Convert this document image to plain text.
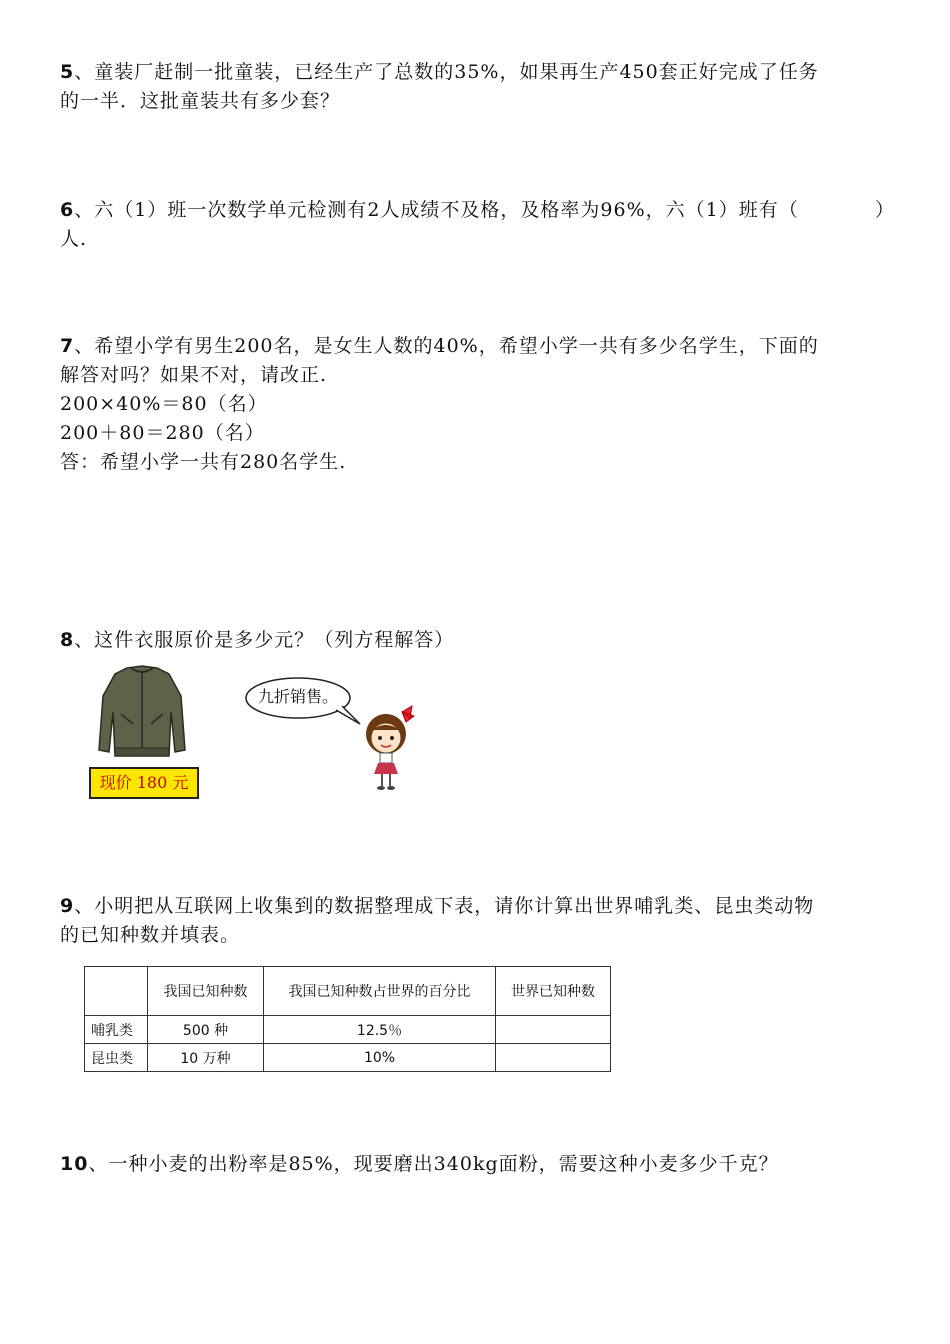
5、童装厂赶制一批童装，已经生产了总数的35%，如果再生产450套正好完成了任务

的一半．这批童装共有多少套？

6、六（1）班一次数学单元检测有2人成绩不及格，及格率为96%，六（1）班有（	）

人.

7、希望小学有男生200名，是女生人数的40%，希望小学一共有多少名学生，下面的

解答对吗？如果不对，请改正.

200×40%＝80（名）

200＋80＝280（名）

答：希望小学一共有280名学生.

8、这件衣服原价是多少元？（列方程解答）

现价 180 元
九折销售。

9、小明把从互联网上收集到的数据整理成下表，请你计算出世界哺乳类、昆虫类动物

的已知种数并填表。

	我国已知种数	我国已知种数占世界的百分比	世界已知种数
哺乳类	500 种	12.5％	
昆虫类	10 万种	10%	

10、一种小麦的出粉率是85%，现要磨出340kg面粉，需要这种小麦多少千克？
